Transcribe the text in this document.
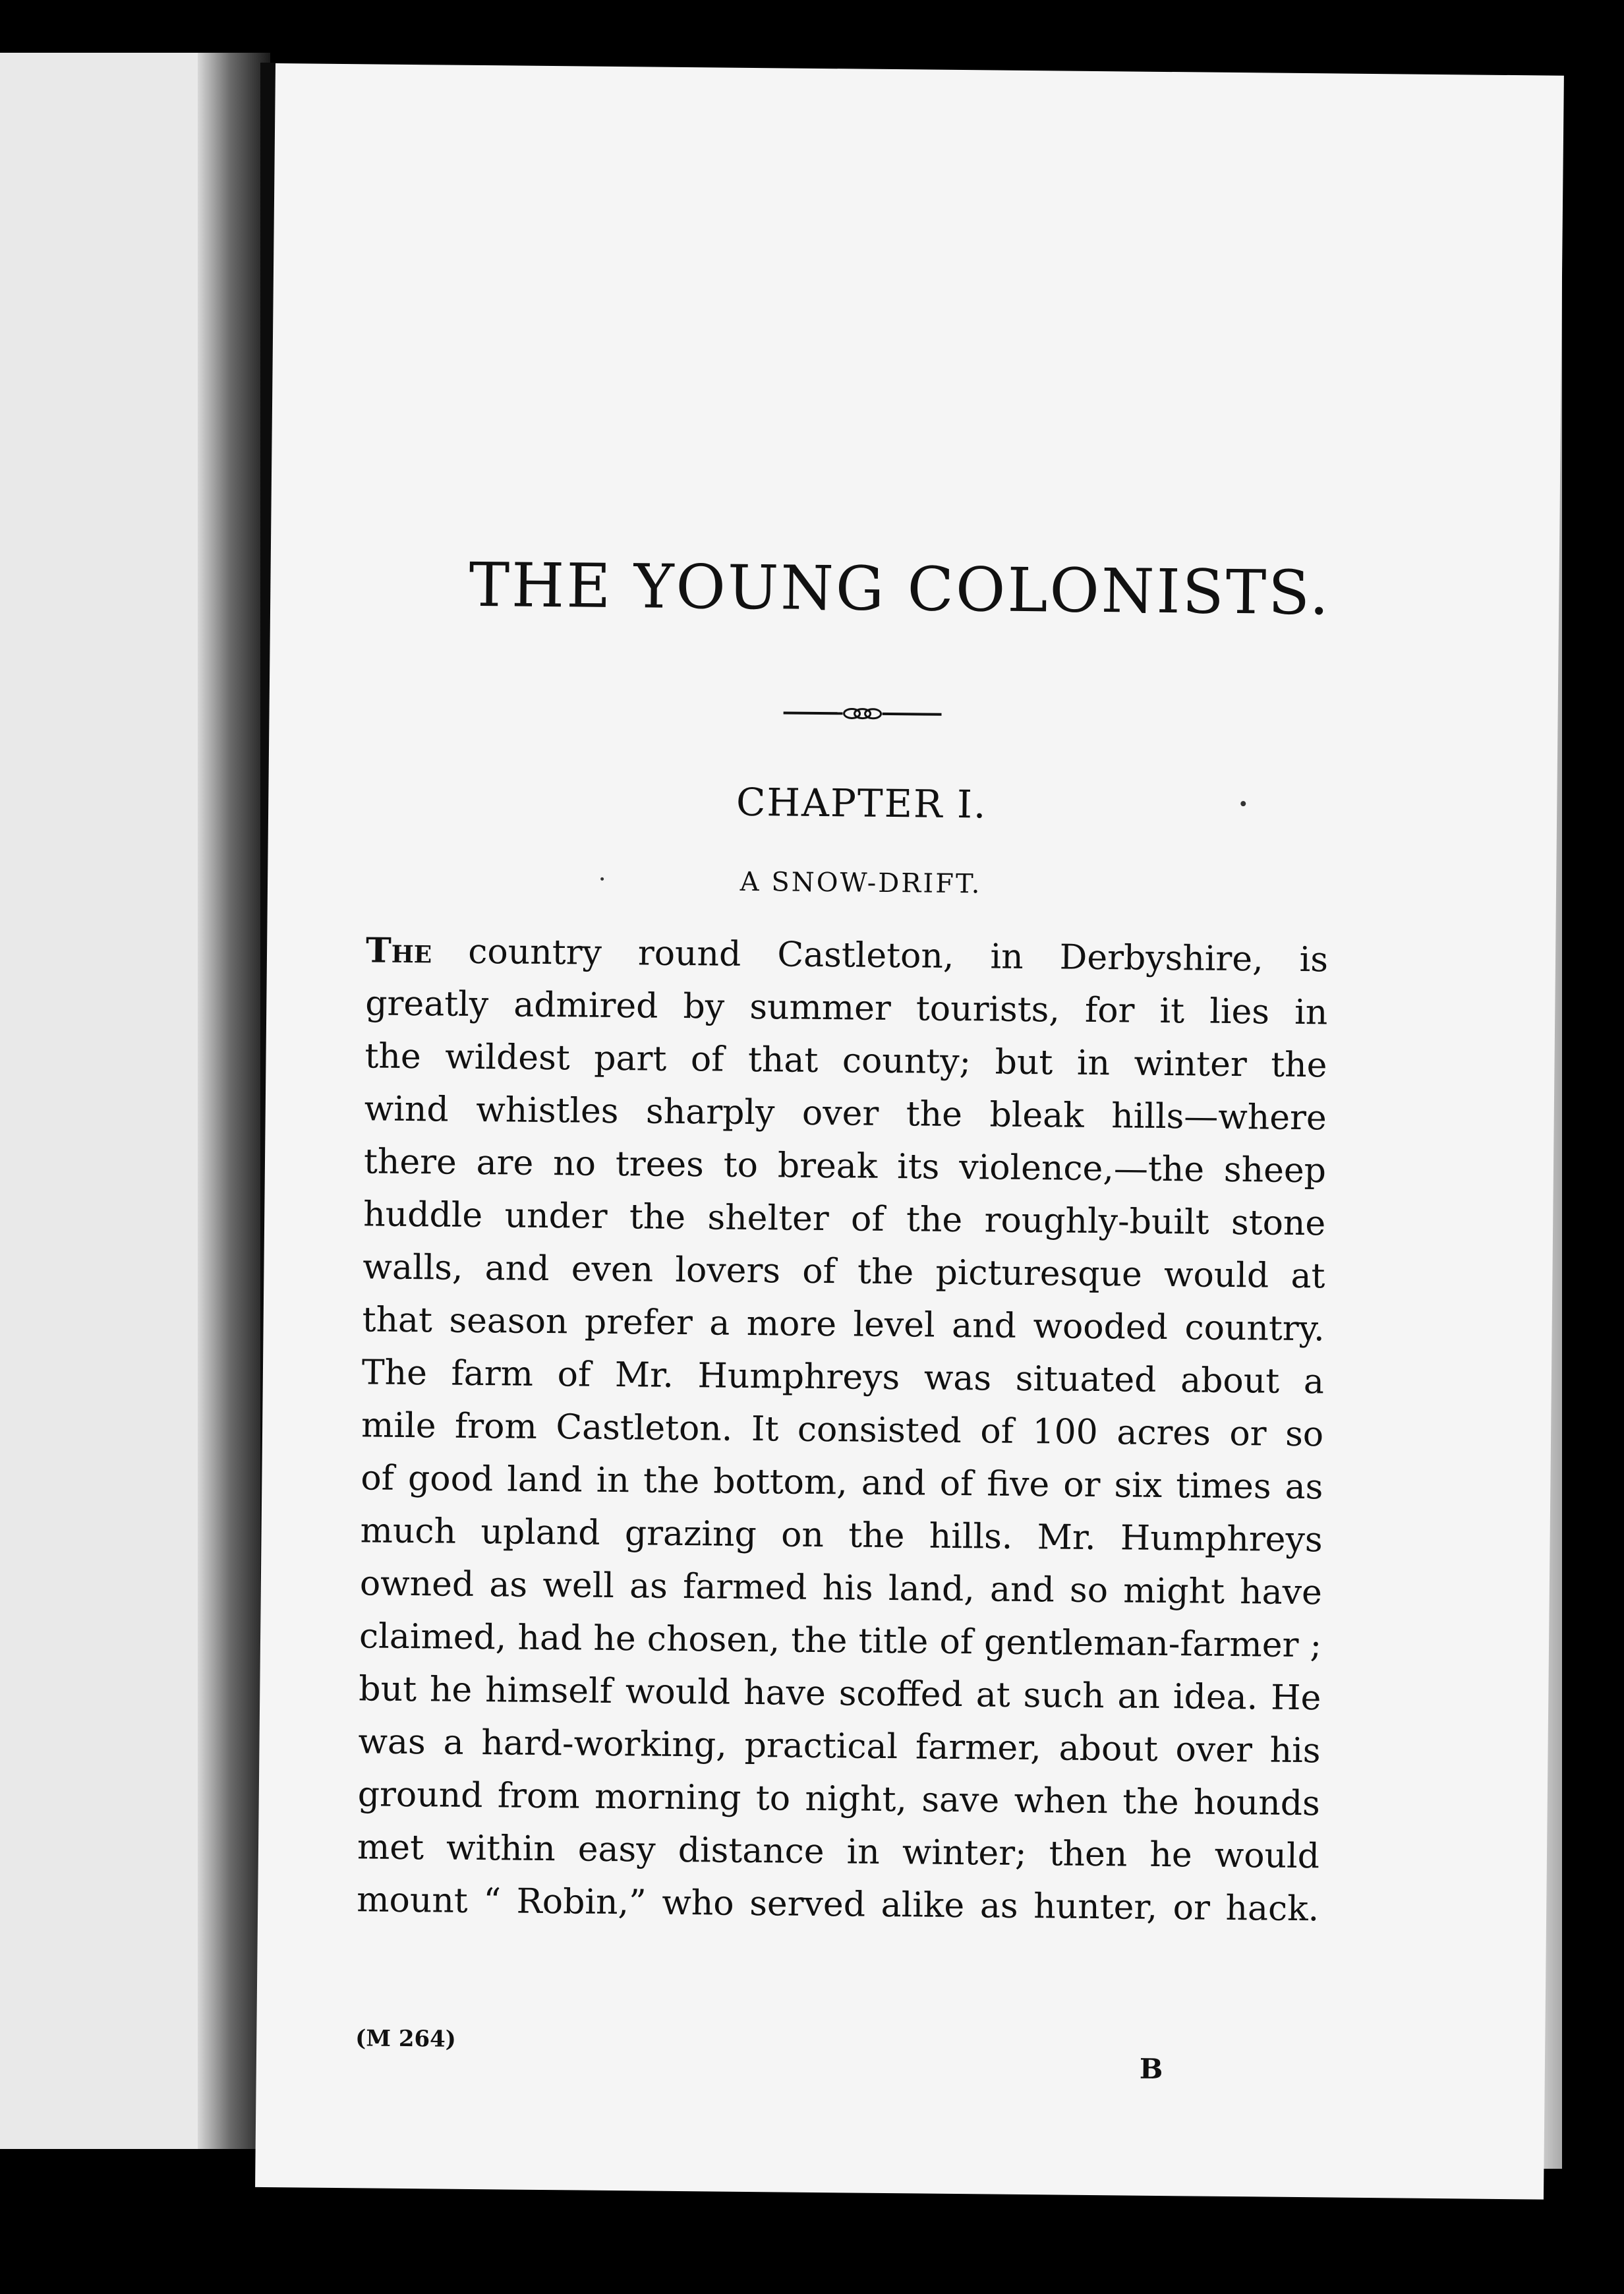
THE YOUNG COLONISTS.
CHAPTER I.
A SNOW-DRIFT.
The country round Castleton, in Derbyshire, is
greatly admired by summer tourists, for it lies in
the wildest part of that county; but in winter the
wind whistles sharply over the bleak hills—where
there are no trees to break its violence,—the sheep
huddle under the shelter of the roughly-built stone
walls, and even lovers of the picturesque would at
that season prefer a more level and wooded country.
The farm of Mr. Humphreys was situated about a
mile from Castleton. It consisted of 100 acres or so
of good land in the bottom, and of five or six times as
much upland grazing on the hills. Mr. Humphreys
owned as well as farmed his land, and so might have
claimed, had he chosen, the title of gentleman-farmer ;
but he himself would have scoffed at such an idea. He
was a hard-working, practical farmer, about over his
ground from morning to night, save when the hounds
met within easy distance in winter; then he would
mount “ Robin,” who served alike as hunter, or hack.
(M 264)
B
